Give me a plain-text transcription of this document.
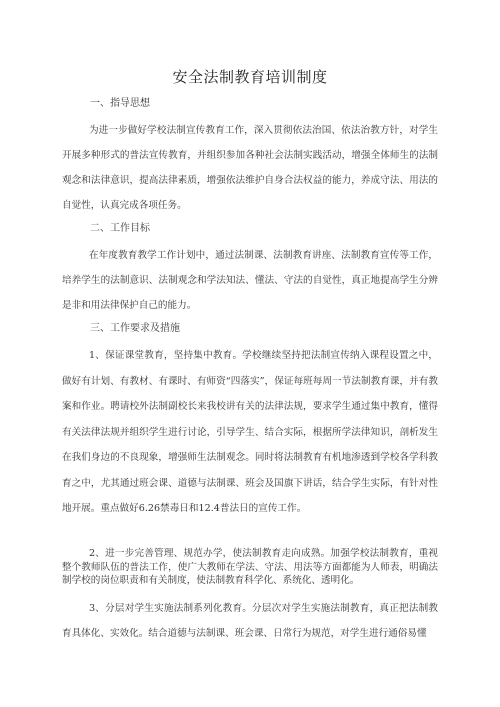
安全法制教育培训制度
一、指导思想

为进一步做好学校法制宣传教育工作，深入贯彻依法治国、依法治教方针，对学生开展多种形式的普法宣传教育，并组织参加各种社会法制实践活动，增强全体师生的法制观念和法律意识，提高法律素质，增强依法维护自身合法权益的能力，养成守法、用法的自觉性，认真完成各项任务。

二、工作目标

在年度教育教学工作计划中，通过法制课、法制教育讲座、法制教育宣传等工作，培养学生的法制意识、法制观念和学法知法、懂法、守法的自觉性，真正地提高学生分辨是非和用法律保护自己的能力。

三、工作要求及措施

1、保证课堂教育，坚持集中教育。学校继续坚持把法制宣传纳入课程设置之中，做好有计划、有教材、有课时、有师资“四落实”，保证每班每周一节法制教育课，并有教案和作业。聘请校外法制副校长来我校讲有关的法律法规，要求学生通过集中教育，懂得有关法律法规并组织学生进行讨论，引导学生、结合实际，根据所学法律知识，剖析发生在我们身边的不良现象，增强师生法制观念。同时将法制教育有机地渗透到学校各学科教育之中，尤其通过班会课、道德与法制课、班会及国旗下讲话，结合学生实际，有针对性地开展。重点做好6.26禁毒日和12.4普法日的宣传工作。

2、进一步完善管理、规范办学，使法制教育走向成熟。加强学校法制教育，重视整个教师队伍的普法工作，使广大教师在学法、守法、用法等方面都能为人师表，明确法制学校的岗位职责和有关制度，使法制教育科学化、系统化、透明化。

3、分层对学生实施法制系列化教育。分层次对学生实施法制教育，真正把法制教育具体化、实效化。结合道德与法制课、班会课、日常行为规范，对学生进行通俗易懂
